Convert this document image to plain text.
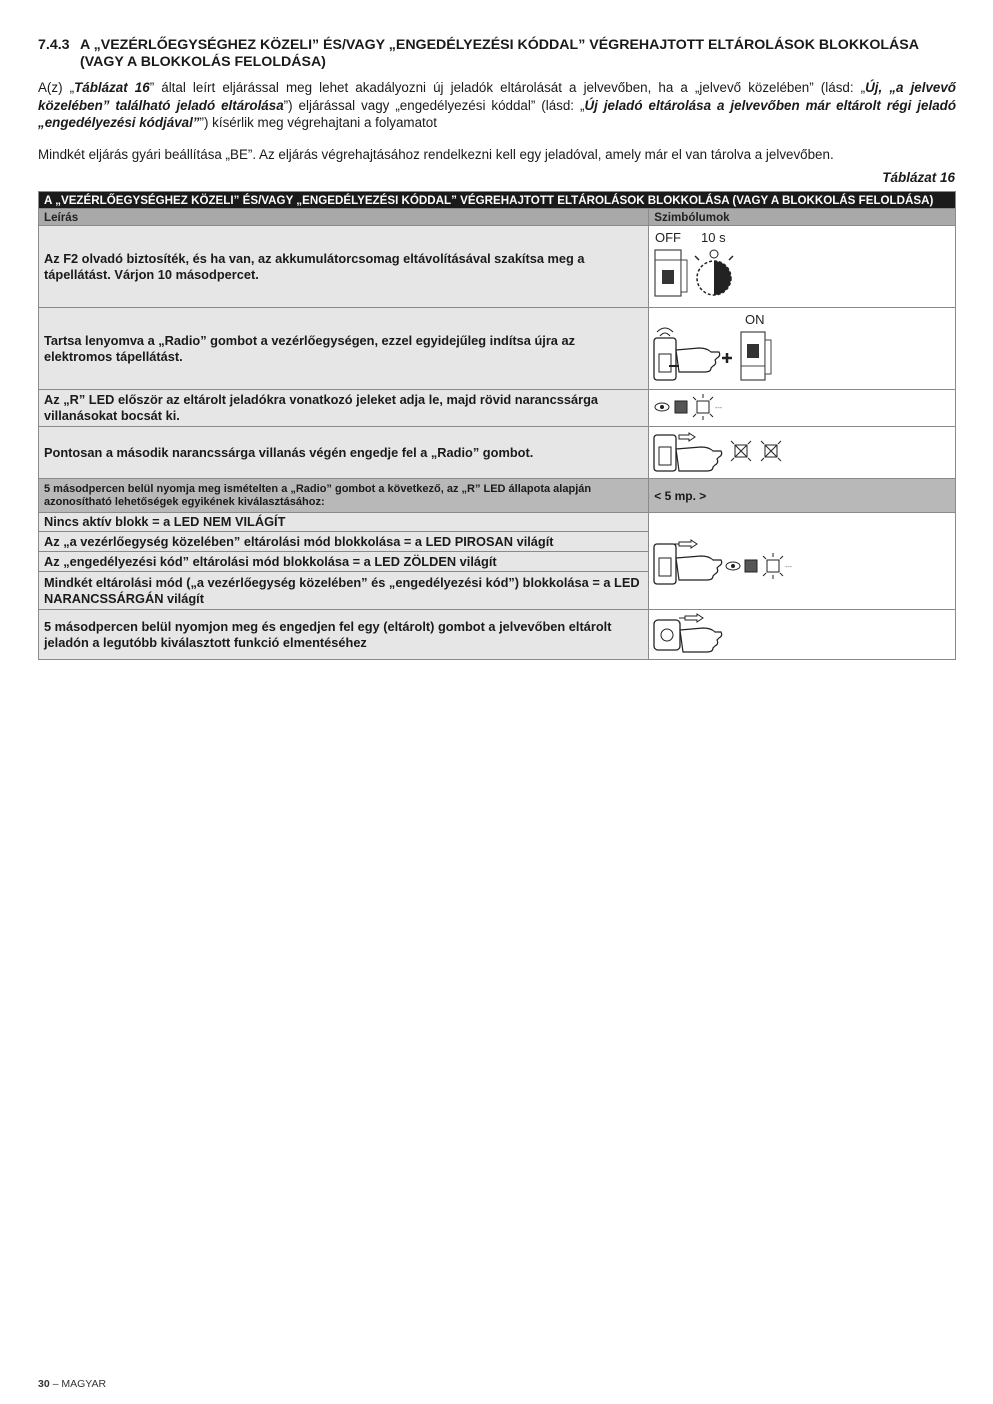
7.4.3 A „VEZÉRLŐEGYSÉGHEZ KÖZELI” ÉS/VAGY „ENGEDÉLYEZÉSI KÓDDAL” VÉGREHAJTOTT ELTÁROLÁSOK BLOKKOLÁSA
(VAGY A BLOKKOLÁS FELOLDÁSA)
A(z) „Táblázat 16” által leírt eljárással meg lehet akadályozni új jeladók eltárolását a jelvevőben, ha a „jelvevő közelében” (lásd: „Új, „a jelvevő közelében” található jeladó eltárolása”) eljárással vagy „engedélyezési kóddal” (lásd: „Új jeladó eltárolása a jelvevőben már eltárolt régi jeladó „engedélyezési kódjával””) kísérlik meg végrehajtani a folyamatot
Mindkét eljárás gyári beállítása „BE”. Az eljárás végrehajtásához rendelkezni kell egy jeladóval, amely már el van tárolva a jelvevőben.
Táblázat 16
A „VEZÉRLŐEGYSÉGHEZ KÖZELI” ÉS/VAGY „ENGEDÉLYEZÉSI KÓDDAL” VÉGREHAJTOTT ELTÁROLÁSOK BLOKKOLÁSA (VAGY A BLOKKOLÁS FELOLDÁSA)	
Leírás	Szimbólumok
Az F2 olvadó biztosíték, és ha van, az akkumulátorcsomag eltávolításával szakítsa meg a tápellátást. Várjon 10 másodpercet.	OFF 10 s

Tartsa lenyomva a „Radio” gombot a vezérlőegységen, ezzel egyidejűleg indítsa újra az elektromos tápellátást.	ON

Az „R” LED először az eltárolt jeladókra vonatkozó jeleket adja le, majd rövid narancssárga villanásokat bocsát ki.	---

Pontosan a második narancssárga villanás végén engedje fel a „Radio” gombot.	
5 másodpercen belül nyomja meg ismételten a „Radio” gombot a következő, az „R” LED állapota alapján azonosítható lehetőségek egyikének kiválasztásához:	< 5 mp. >
Nincs aktív blokk = a LED NEM VILÁGÍT	---

Az „a vezérlőegység közelében” eltárolási mód blokkolása = a LED PIROSAN világít	
Az „engedélyezési kód” eltárolási mód blokkolása = a LED ZÖLDEN világít	
Mindkét eltárolási mód („a vezérlőegység közelében” és „engedélyezési kód”) blokkolása = a LED NARANCSSÁRGÁN világít	
5 másodpercen belül nyomjon meg és engedjen fel egy (eltárolt) gombot a jelvevőben eltárolt jeladón a legutóbb kiválasztott funkció elmentéséhez	
30 – MAGYAR
